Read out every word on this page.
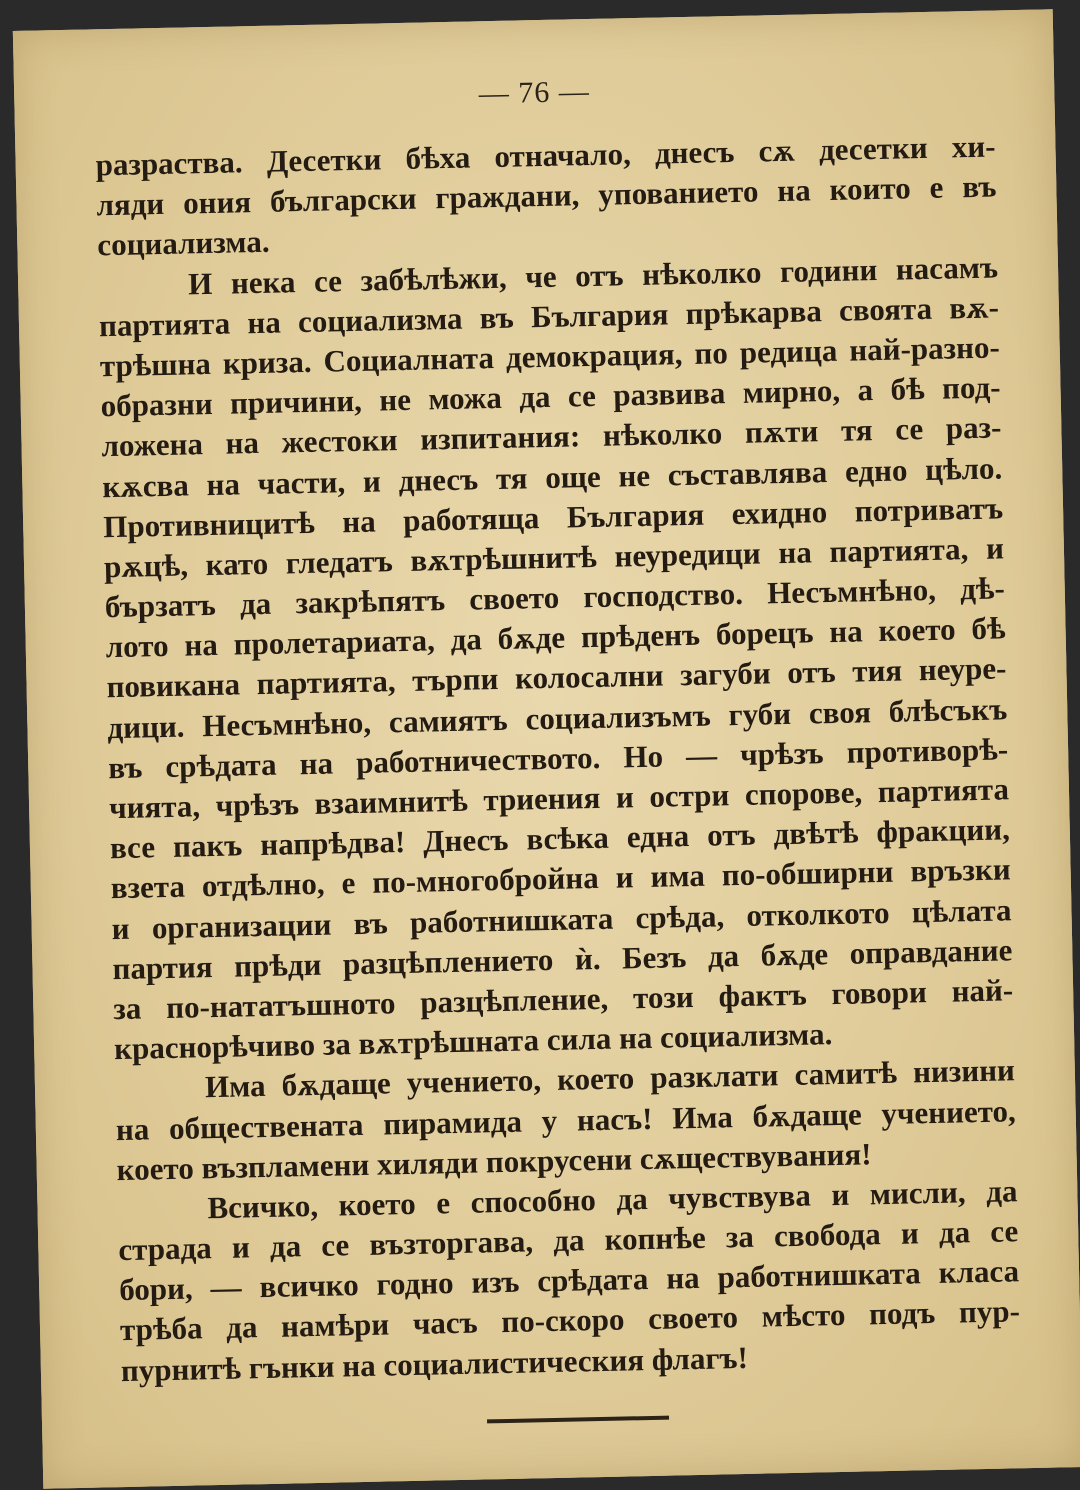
— 76 —
разраства. Десетки бѣха отначало, днесъ сѫ десетки хи-
ляди ония български граждани, упованието на които е въ
социализма.
И нека се забѣлѣжи, че отъ нѣколко години насамъ
партията на социализма въ България прѣкарва своята вѫ-
трѣшна криза. Социалната демокрация, по редица най-разно-
образни причини, не можа да се развива мирно, а бѣ под-
ложена на жестоки изпитания: нѣколко пѫти тя се раз-
кѫсва на части, и днесъ тя още не съставлява едно цѣло.
Противницитѣ на работяща България ехидно потриватъ
рѫцѣ, като гледатъ вѫтрѣшнитѣ неуредици на партията, и
бързатъ да закрѣпятъ своето господство. Несъмнѣно, дѣ-
лото на пролетариата, да бѫде прѣденъ борецъ на което бѣ
повикана партията, търпи колосални загуби отъ тия неуре-
дици. Несъмнѣно, самиятъ социализъмъ губи своя блѣсъкъ
въ срѣдата на работничеството. Но — чрѣзъ противорѣ-
чията, чрѣзъ взаимнитѣ триения и остри спорове, партията
все пакъ напрѣдва! Днесъ всѣка една отъ двѣтѣ фракции,
взета отдѣлно, е по-многобройна и има по-обширни връзки
и организации въ работнишката срѣда, отколкото цѣлата
партия прѣди разцѣплението ѝ. Безъ да бѫде оправдание
за по-нататъшното разцѣпление, този фактъ говори най-
краснорѣчиво за вѫтрѣшната сила на социализма.
Има бѫдаще учението, което разклати самитѣ низини
на обществената пирамида у насъ! Има бѫдаще учението,
което възпламени хиляди покрусени сѫществувания!
Всичко, което е способно да чувствува и мисли, да
страда и да се възторгава, да копнѣе за свобода и да се
бори, — всичко годно изъ срѣдата на работнишката класа
трѣба да намѣри часъ по-скоро своето мѣсто подъ пур-
пурнитѣ гънки на социалистическия флагъ!
